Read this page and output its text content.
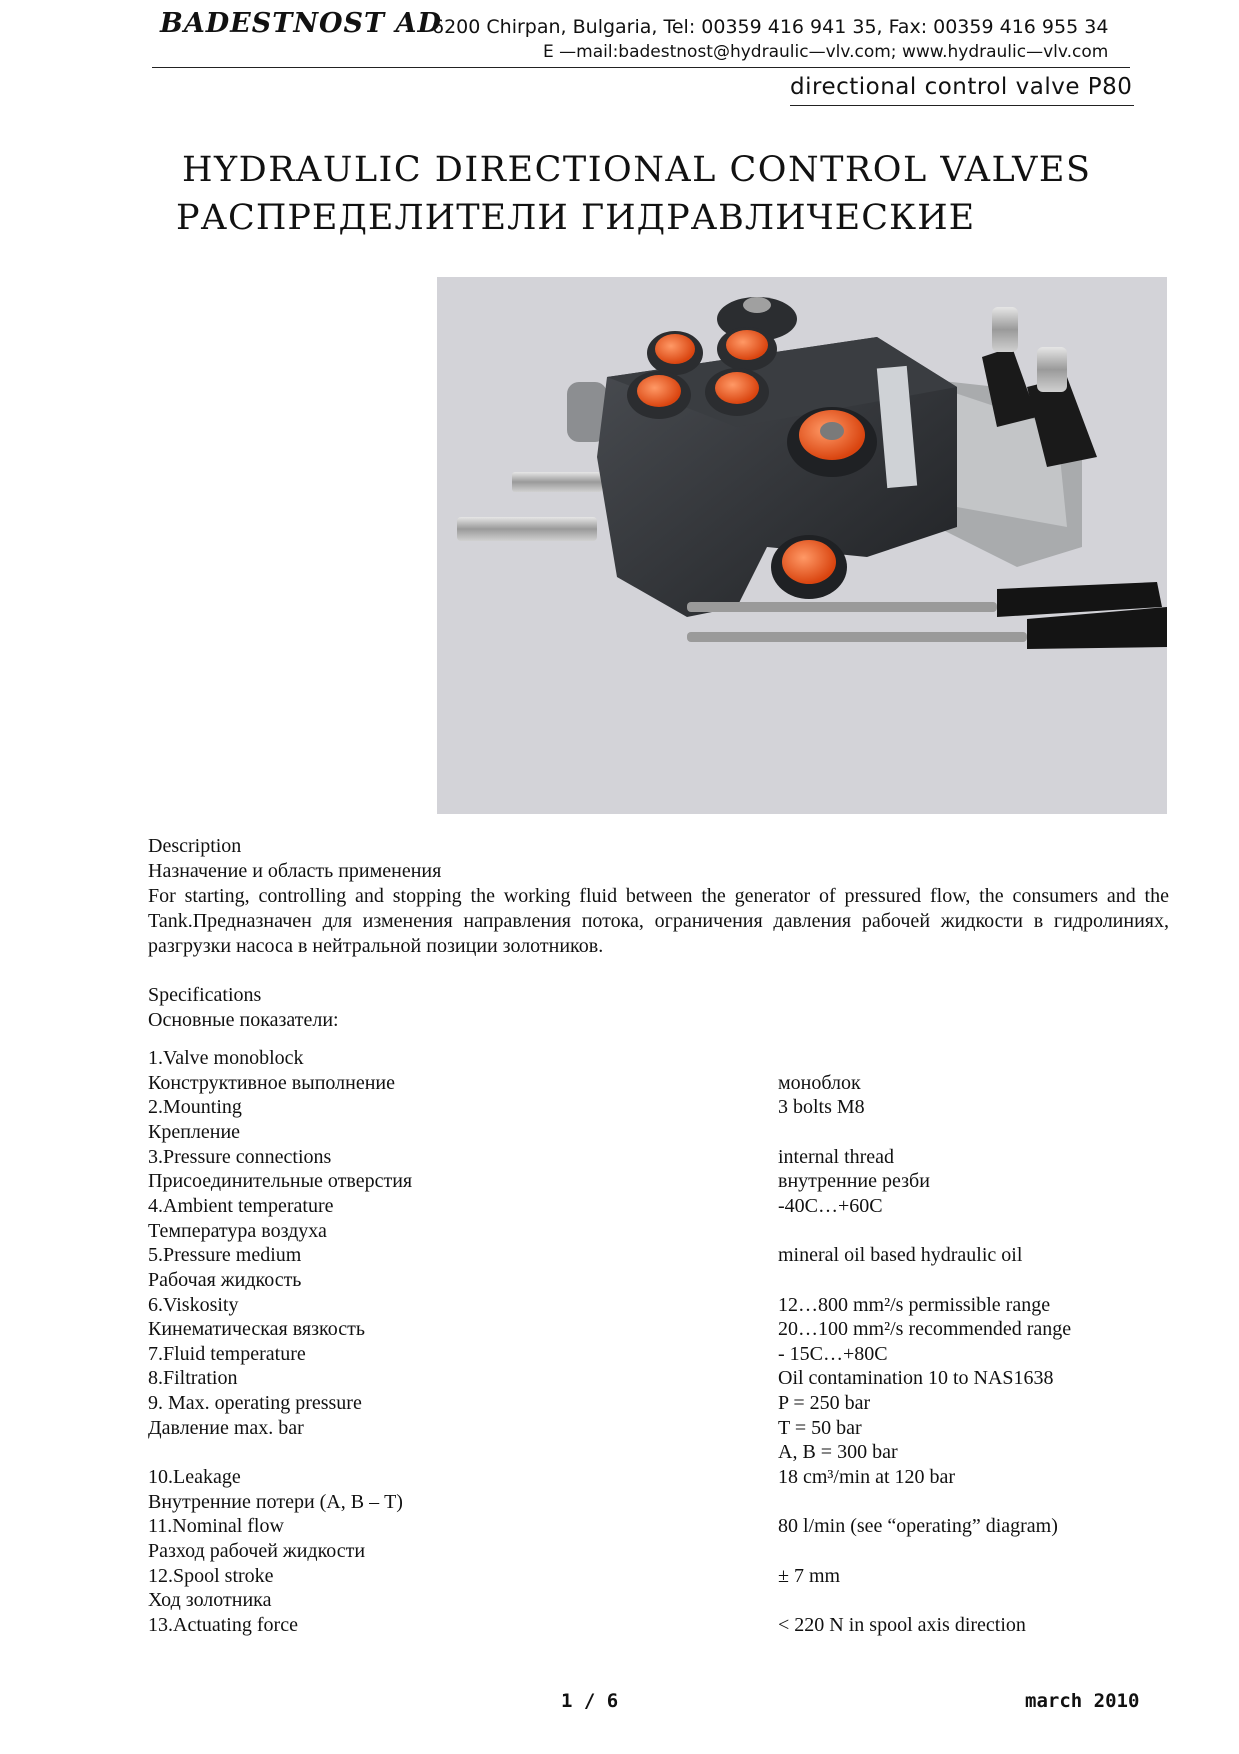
BADESTNOST AD
6200 Chirpan, Bulgaria, Tel: 00359 416 941 35, Fax: 00359 416 955 34
E —mail:badestnost@hydraulic—vlv.com; www.hydraulic—vlv.com
directional control valve P80
HYDRAULIC DIRECTIONAL CONTROL VALVES
РАСПРЕДЕЛИТЕЛИ ГИДРАВЛИЧЕСКИЕ
Description
Назначение и область применения
For starting, controlling and stopping the working fluid between the generator of pressured flow, the consumers and the Tank.Предназначен для изменения направления потока, ограничения давления рабочей жидкости в гидролиниях, разгрузки насоса в нейтральной позиции золотников.
Specifications
Основные показатели:
1.Valve monoblock
Конструктивное выполнение	моноблок
2.Mounting	3 bolts M8
Крепление
3.Pressure connections	internal thread
Присоединительные отверстия	внутренние резби
4.Ambient temperature	-40C…+60C
Температура воздуха
5.Pressure medium	mineral oil based hydraulic oil
Рабочая жидкость
6.Viskosity	12…800 mm²/s permissible range
Кинематическая вязкость	20…100 mm²/s recommended range
7.Fluid temperature	- 15C…+80C
8.Filtration	Oil contamination 10 to NAS1638
9. Max. operating pressure	P = 250 bar
Давление max. bar	T = 50 bar
A, B = 300 bar
10.Leakage	18 cm³/min at 120 bar
Внутренние потери (А, В – Т)
11.Nominal flow	80 l/min (see “operating” diagram)
Разход рабочей жидкости
12.Spool stroke	± 7 mm
Ход золотника
13.Actuating force	< 220 N in spool axis direction
1 / 6	march 2010
